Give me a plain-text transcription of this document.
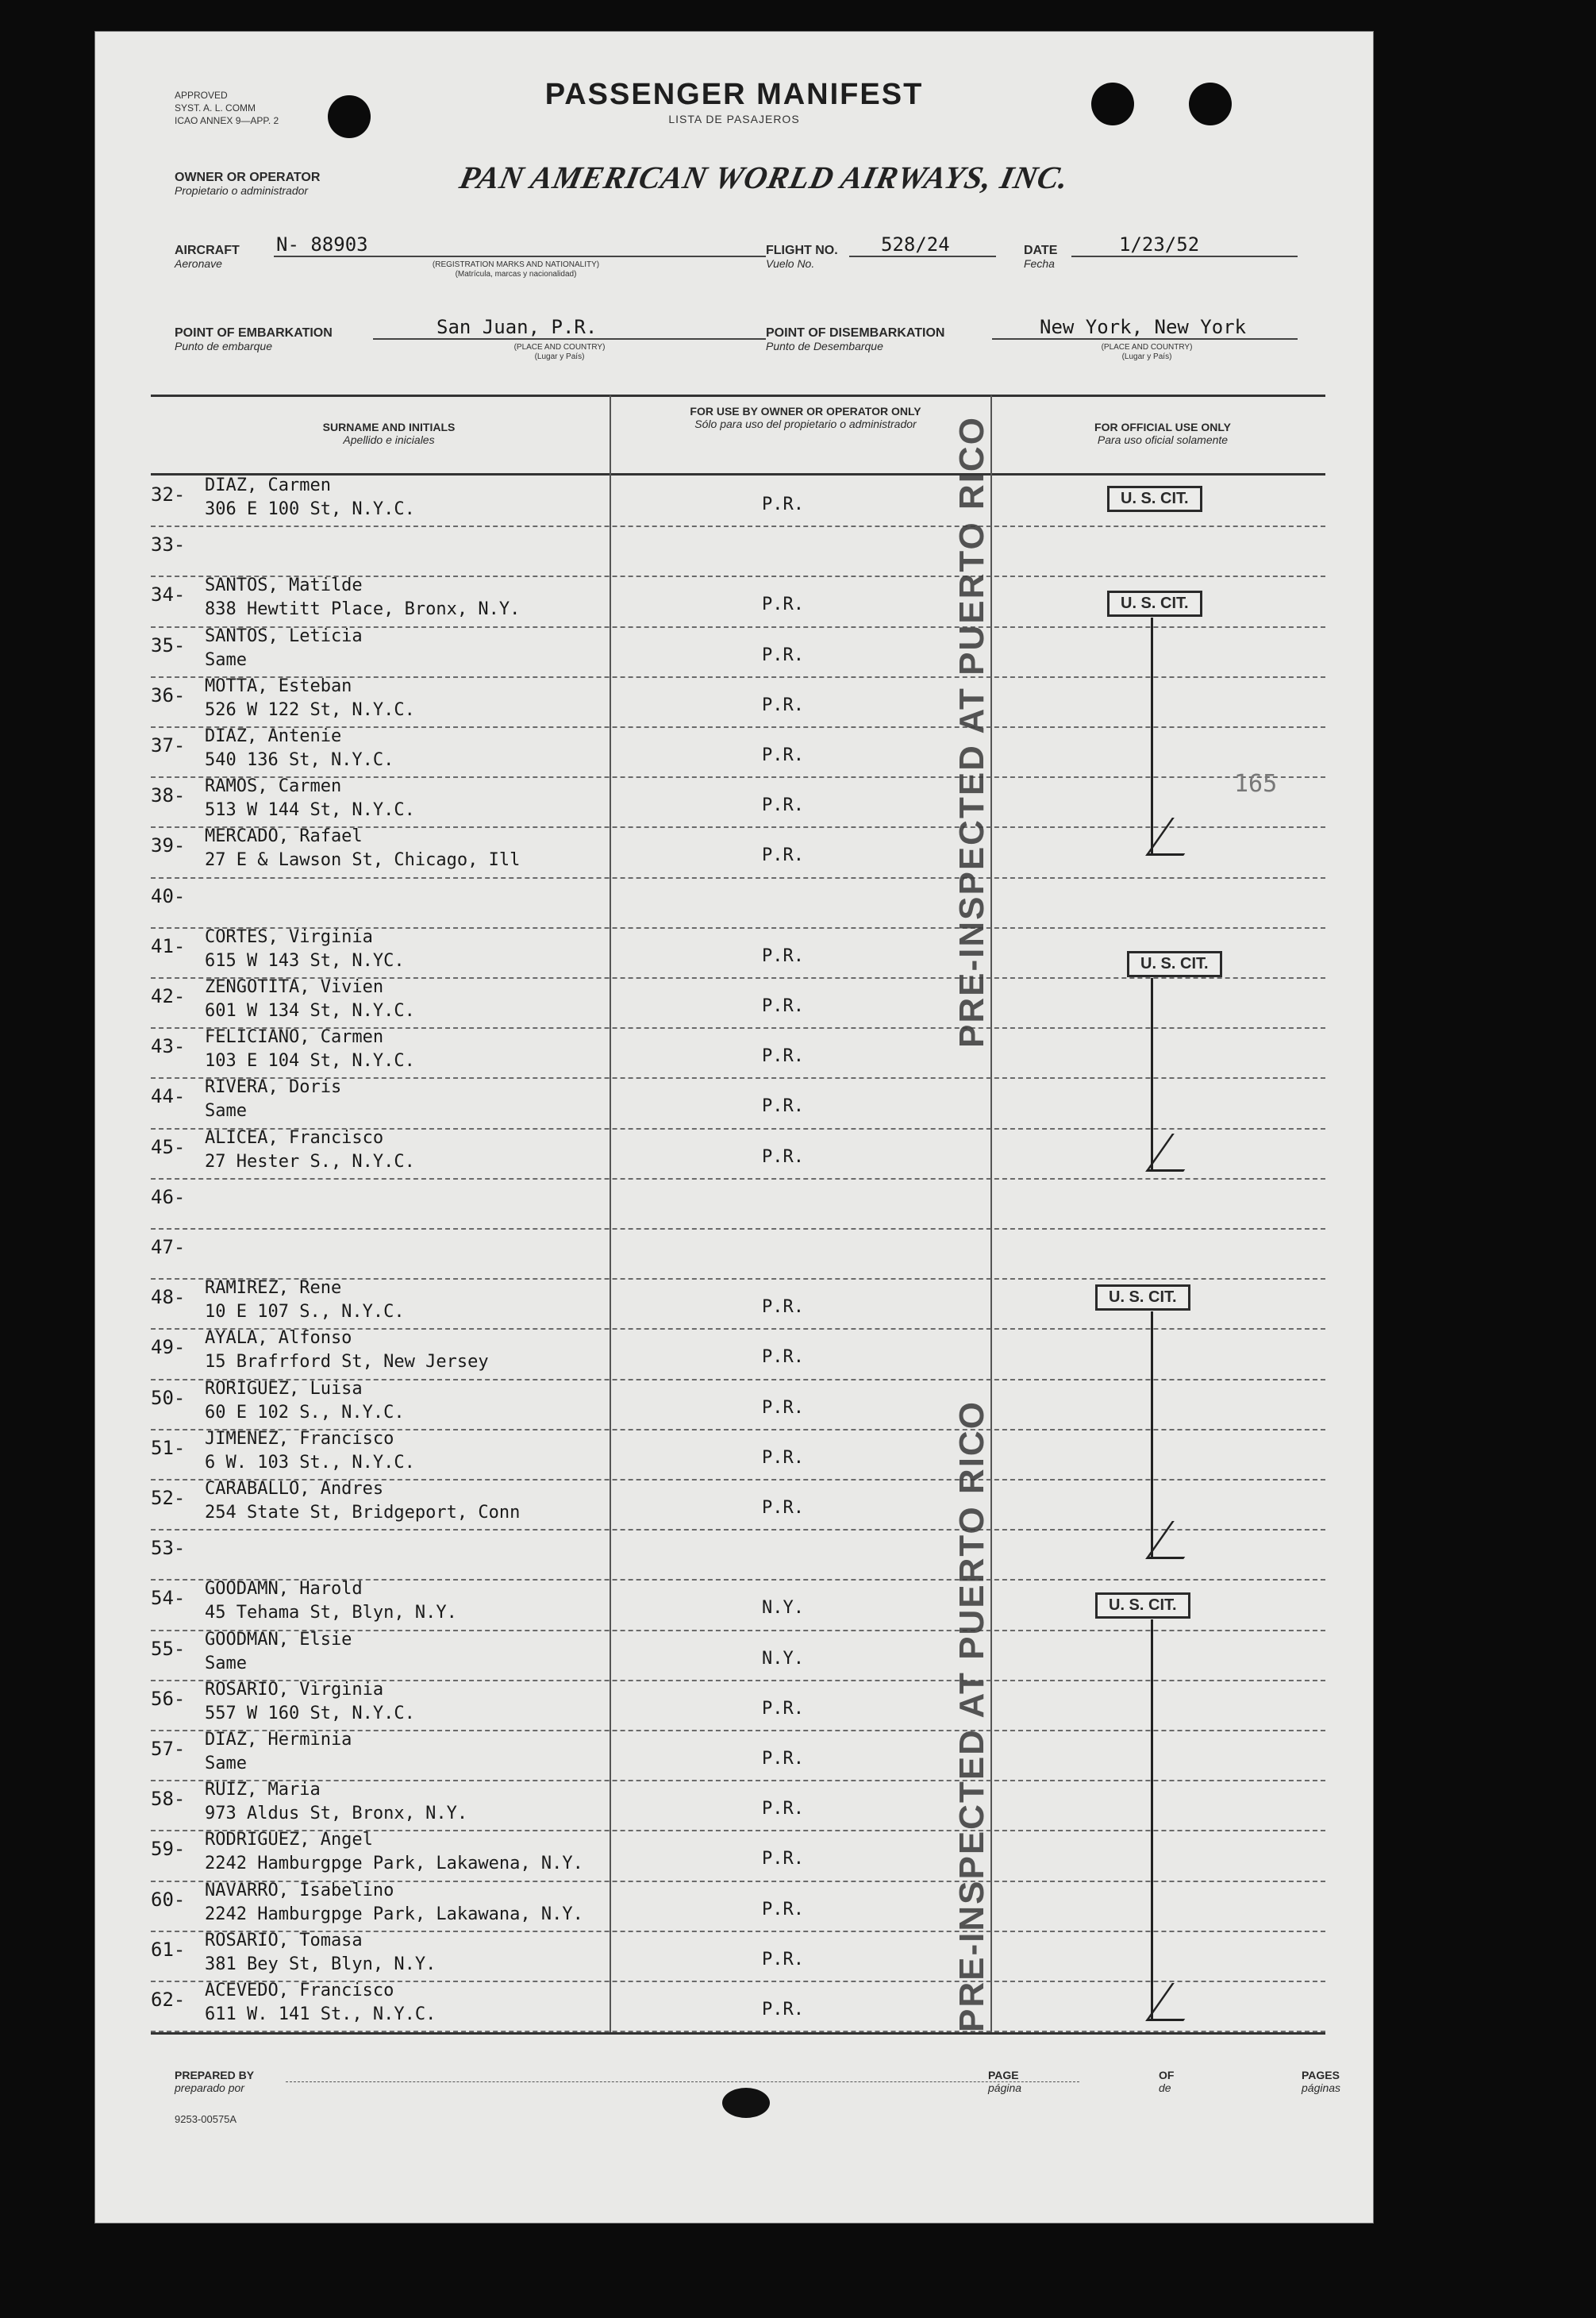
APPROVED
SYST. A. L. COMM
ICAO ANNEX 9—APP. 2
PASSENGER MANIFEST
LISTA DE PASAJEROS
OWNER OR OPERATOR
Propietario o administrador	PAN AMERICAN WORLD AIRWAYS, INC.
AIRCRAFT
Aeronave
N- 88903
(REGISTRATION MARKS AND NATIONALITY)
(Matrícula, marcas y nacionalidad)
FLIGHT NO.
Vuelo No.
528/24	DATE
Fecha
1/23/52
POINT OF EMBARKATION
Punto de embarque
San Juan, P.R.
(PLACE AND COUNTRY)
(Lugar y País)
POINT OF DISEMBARKATION
Punto de Desembarque
New York, New York
(PLACE AND COUNTRY)
(Lugar y País)
SURNAME AND INITIALS
Apellido e iniciales
FOR USE BY OWNER OR OPERATOR ONLY
Sólo para uso del propietario o administrador	FOR OFFICIAL USE ONLY
Para uso oficial solamente
32- DIAZ, Carmen
306 E 100 St, N.Y.C.	P.R.
33-
34- SANTOS, Matilde
838 Hewtitt Place, Bronx, N.Y.	P.R.
35- SANTOS, Leticia
Same	P.R.
36- MOTTA, Esteban
526 W 122 St, N.Y.C.	P.R.
37- DIAZ, Antenie
540 136 St, N.Y.C.	P.R.
38- RAMOS, Carmen
513 W 144 St, N.Y.C.	P.R.
39- MERCADO, Rafael
27 E & Lawson St, Chicago, Ill	P.R.
40-
41- CORTES, Virginia
615 W 143 St, N.YC.	P.R.
42- ZENGOTITA, Vivien
601 W 134 St, N.Y.C.	P.R.
43- FELICIANO, Carmen
103 E 104 St, N.Y.C.	P.R.
44- RIVERA, Doris
Same	P.R.
45- ALICEA, Francisco
27 Hester S., N.Y.C.	P.R.
46-
47-
48- RAMIREZ, Rene
10 E 107 S., N.Y.C.	P.R.
49- AYALA, Alfonso
15 Brafrford St, New Jersey	P.R.
50- RORIGUEZ, Luisa
60 E 102 S., N.Y.C.	P.R.
51- JIMENEZ, Francisco
6 W. 103 St., N.Y.C.	P.R.
52- CARABALLO, Andres
254 State St, Bridgeport, Conn	P.R.
53-
54- GOODAMN, Harold
45 Tehama St, Blyn, N.Y.	N.Y.
55- GOODMAN, Elsie
Same	N.Y.
56- ROSARIO, Virginia
557 W 160 St, N.Y.C.	P.R.
57- DIAZ, Herminia
Same	P.R.
58- RUIZ, Maria
973 Aldus St, Bronx, N.Y.	P.R.
59- RODRIGUEZ, Angel
2242 Hamburgpge Park, Lakawena, N.Y.	P.R.
60- NAVARRO, Isabelino
2242 Hamburgpge Park, Lakawana, N.Y.	P.R.
61- ROSARIO, Tomasa
381 Bey St, Blyn, N.Y.	P.R.
62- ACEVEDO, Francisco
611 W. 141 St., N.Y.C.	P.R.
PRE-INSPECTED AT PUERTO RICO
PRE-INSPECTED AT PUERTO RICO
U. S. CIT.
U. S. CIT.
165
U. S. CIT.
U. S. CIT.
U. S. CIT.
PREPARED BY
preparado por
PAGE
página
OF
de
PAGES
páginas
9253-00575A
